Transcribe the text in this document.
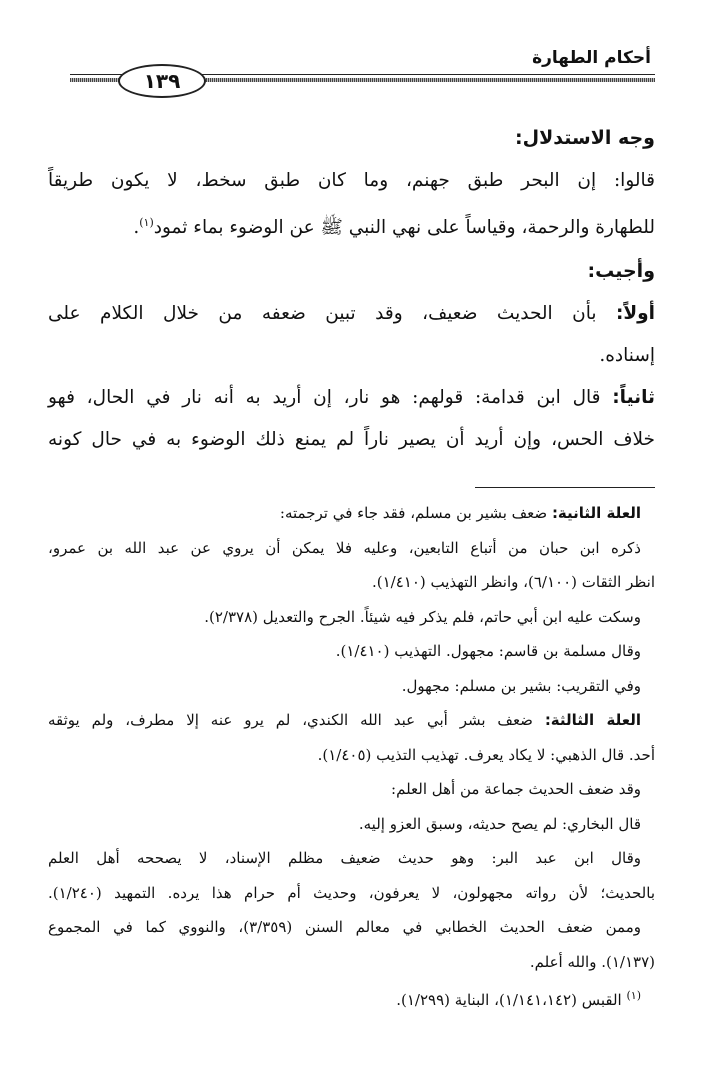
أحكام الطهارة
١٣٩

وجه الاستدلال:

قالوا: إن البحر طبق جهنم، وما كان طبق سخط، لا يكون طريقاً

للطهارة والرحمة، وقياساً على نهي النبي ﷺ عن الوضوء بماء ثمود$^{(١)}$.

وأجيب:

أولاً: بأن الحديث ضعيف، وقد تبين ضعفه من خلال الكلام على

إسناده.

ثانياً: قال ابن قدامة: قولهم: هو نار، إن أريد به أنه نار في الحال، فهو

خلاف الحس، وإن أريد أن يصير ناراً لم يمنع ذلك الوضوء به في حال كونه

العلة الثانية: ضعف بشير بن مسلم، فقد جاء في ترجمته:

ذكره ابن حبان من أتباع التابعين، وعليه فلا يمكن أن يروي عن عبد الله بن عمرو،

انظر الثقات (٦/١٠٠)، وانظر التهذيب (١/٤١٠).

وسكت عليه ابن أبي حاتم، فلم يذكر فيه شيئاً. الجرح والتعديل (٢/٣٧٨).

وقال مسلمة بن قاسم: مجهول. التهذيب (١/٤١٠).

وفي التقريب: بشير بن مسلم: مجهول.

العلة الثالثة: ضعف بشر أبي عبد الله الكندي، لم يرو عنه إلا مطرف، ولم يوثقه

أحد. قال الذهبي: لا يكاد يعرف. تهذيب التذيب (١/٤٠٥).

وقد ضعف الحديث جماعة من أهل العلم:

قال البخاري: لم يصح حديثه، وسبق العزو إليه.

وقال ابن عبد البر: وهو حديث ضعيف مظلم الإسناد، لا يصححه أهل العلم

بالحديث؛ لأن رواته مجهولون، لا يعرفون، وحديث أم حرام هذا يرده. التمهيد (١/٢٤٠).

وممن ضعف الحديث الخطابي في معالم السنن (٣/٣٥٩)، والنووي كما في المجموع

(١/١٣٧). والله أعلم.

$^{(١)}$ القبس (١/١٤١،١٤٢)، البناية (١/٢٩٩).
